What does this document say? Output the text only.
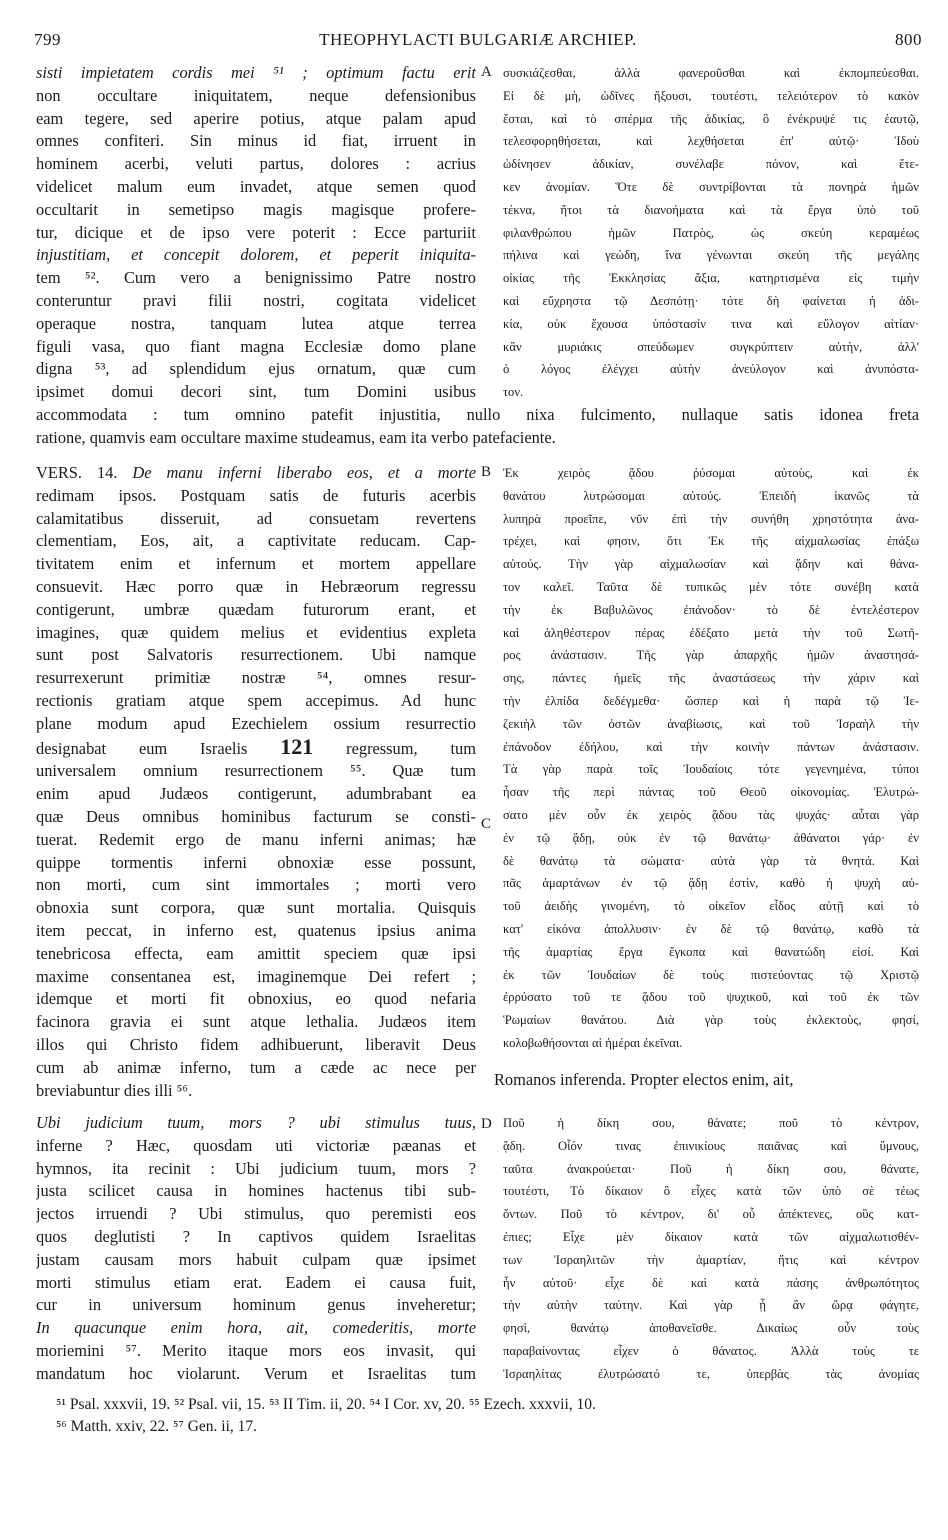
799	THEOPHYLACTI BULGARIÆ ARCHIEP.	800
A
B
C
D
sisti impietatem cordis mei ⁵¹ ; optimum factu erit
non occultare iniquitatem, neque defensionibus
eam tegere, sed aperire potius, atque palam apud
omnes confiteri. Sin minus id fiat, irruent in
hominem acerbi, veluti partus, dolores : acrius
videlicet malum eum invadet, atque semen quod
occultarit in semetipso magis magisque profere-
tur, dicique et de ipso vere poterit : Ecce parturiit
injustitiam, et concepit dolorem, et peperit iniquita-
tem ⁵². Cum vero a benignissimo Patre nostro
conteruntur pravi filii nostri, cogitata videlicet
operaque nostra, tanquam lutea atque terrea
figuli vasa, quo fiant magna Ecclesiæ domo plane
digna ⁵³, ad splendidum ejus ornatum, quæ cum
ipsimet domui decori sint, tum Domini usibus
συσκιάζεσθαι, ἀλλὰ φανεροῦσθαι καὶ ἐκπομπεύεσθαι.
Εἰ δὲ μὴ, ὠδῖνες ἥξουσι, τουτέστι, τελειότερον τὸ κακὸν
ἔσται, καὶ τὸ σπέρμα τῆς ἀδικίας, ὃ ἐνέκρυψέ τις ἑαυτῷ,
τελεσφορηθήσεται, καὶ λεχθήσεται ἐπ' αὐτῷ· Ἰδοὺ
ὠδίνησεν ἀδικίαν, συνέλαβε πόνον, καὶ ἔτε-
κεν ἀνομίαν. Ὅτε δὲ συντρίβονται τὰ πονηρὰ ἡμῶν
τέκνα, ἤτοι τὰ διανοήματα καὶ τὰ ἔργα ὑπὸ τοῦ
φιλανθρώπου ἡμῶν Πατρὸς, ὡς σκεύη κεραμέως
πήλινα καὶ γεώδη, ἵνα γένωνται σκεύη τῆς μεγάλης
οἰκίας τῆς Ἐκκλησίας ἄξια, κατηρτισμένα εἰς τιμὴν
καὶ εὔχρηστα τῷ Δεσπότῃ· τότε δὴ φαίνεται ἡ ἀδι-
κία, οὐκ ἔχουσα ὑπόστασίν τινα καὶ εὔλογον αἰτίαν·
κἂν μυριάκις σπεύδωμεν συγκρύπτειν αὐτὴν, ἀλλ'
ὁ λόγος ἐλέγχει αὐτὴν ἀνεύλογον καὶ ἀνυπόστα-
τον.
accommodata : tum omnino patefit injustitia, nullo nixa fulcimento, nullaque satis idonea freta
ratione, quamvis eam occultare maxime studeamus, eam ita verbo patefaciente.
VERS. 14. De manu inferni liberabo eos, et a morte
redimam ipsos. Postquam satis de futuris acerbis
calamitatibus disseruit, ad consuetam revertens
clementiam, Eos, ait, a captivitate reducam. Cap-
tivitatem enim et infernum et mortem appellare
consuevit. Hæc porro quæ in Hebræorum regressu
contigerunt, umbræ quædam futurorum erant, et
imagines, quæ quidem melius et evidentius expleta
sunt post Salvatoris resurrectionem. Ubi namque
resurrexerunt primitiæ nostræ ⁵⁴, omnes resur-
rectionis gratiam atque spem accepimus. Ad hunc
plane modum apud Ezechielem ossium resurrectio
designabat eum Israelis 121 regressum, tum
universalem omnium resurrectionem ⁵⁵. Quæ tum
enim apud Judæos contigerunt, adumbrabant ea
quæ Deus omnibus hominibus facturum se consti-
tuerat. Redemit ergo de manu inferni animas; hæ
quippe tormentis inferni obnoxiæ esse possunt,
non morti, cum sint immortales ; morti vero
obnoxia sunt corpora, quæ sunt mortalia. Quisquis
item peccat, in inferno est, quatenus ipsius anima
tenebricosa effecta, eam amittit speciem quæ ipsi
maxime consentanea est, imaginemque Dei refert ;
idemque et morti fit obnoxius, eo quod nefaria
facinora gravia ei sunt atque lethalia. Judæos item
illos qui Christo fidem adhibuerunt, liberavit Deus
cum ab animæ inferno, tum a cæde ac nece per
breviabuntur dies illi ⁵⁶.
Ἐκ χειρὸς ᾅδου ῥύσομαι αὐτοὺς, καὶ ἐκ
θανάτου λυτρώσομαι αὐτούς. Ἐπειδὴ ἱκανῶς τὰ
λυπηρὰ προεῖπε, νῦν ἐπὶ τὴν συνήθη χρηστότητα ἀνα-
τρέχει, καὶ φησιν, ὅτι Ἐκ τῆς αἰχμαλωσίας ἐπάξω
αὐτούς. Τὴν γὰρ αἰχμαλωσίαν καὶ ᾅδην καὶ θάνα-
τον καλεῖ. Ταῦτα δὲ τυπικῶς μὲν τότε συνέβη κατὰ
τὴν ἐκ Βαβυλῶνος ἐπάνοδον· τὸ δὲ ἐντελέστερον
καὶ ἀληθέστερον πέρας ἐδέξατο μετὰ τὴν τοῦ Σωτῆ-
ρος ἀνάστασιν. Τῆς γὰρ ἀπαρχῆς ἡμῶν ἀναστησά-
σης, πάντες ἡμεῖς τῆς ἀναστάσεως τὴν χάριν καὶ
τὴν ἐλπίδα δεδέγμεθα· ὥσπερ καὶ ἡ παρὰ τῷ Ἰε-
ζεκιὴλ τῶν ὀστῶν ἀναβίωσις, καὶ τοῦ Ἰσραὴλ τὴν
ἐπάνοδον ἐδήλου, καὶ τὴν κοινὴν πάντων ἀνάστασιν.
Τὰ γὰρ παρὰ τοῖς Ἰουδαίοις τότε γεγενημένα, τύποι
ἦσαν τῆς περὶ πάντας τοῦ Θεοῦ οἰκονομίας. Ἐλυτρώ-
σατο μὲν οὖν ἐκ χειρὸς ᾅδου τὰς ψυχάς· αὗται γὰρ
ἐν τῷ ᾅδῃ, οὐκ ἐν τῷ θανάτῳ· ἀθάνατοι γάρ· ἐν
δὲ θανάτῳ τὰ σώματα· αὐτὰ γὰρ τὰ θνητά. Καὶ
πᾶς ἁμαρτάνων ἐν τῷ ᾅδῃ ἐστὶν, καθὸ ἡ ψυχὴ αὐ-
τοῦ ἀειδὴς γινομένη, τὸ οἰκεῖον εἶδος αὐτῇ καὶ τὸ
κατ' εἰκόνα ἀπολλυσιν· ἐν δὲ τῷ θανάτῳ, καθὸ τὰ
τῆς ἁμαρτίας ἔργα ἔγκοπα καὶ θανατώδη εἰσί. Καὶ
ἐκ τῶν Ἰουδαίων δὲ τοὺς πιστεύοντας τῷ Χριστῷ
ἐρρύσατο τοῦ τε ᾅδου τοῦ ψυχικοῦ, καὶ τοῦ ἐκ τῶν
Ῥωμαίων θανάτου. Διὰ γὰρ τοὺς ἐκλεκτοὺς, φησί,
κολοβωθήσονται αἱ ἡμέραι ἐκεῖναι.
Romanos inferenda. Propter electos enim, ait,
Ubi judicium tuum, mors ? ubi stimulus tuus,
inferne ? Hæc, quosdam uti victoriæ pæanas et
hymnos, ita recinit : Ubi judicium tuum, mors ?
justa scilicet causa in homines hactenus tibi sub-
jectos irruendi ? Ubi stimulus, quo peremisti eos
quos deglutisti ? In captivos quidem Israelitas
justam causam mors habuit culpam quæ ipsimet
morti stimulus etiam erat. Eadem ei causa fuit,
cur in universum hominum genus inveheretur;
In quacunque enim hora, ait, comederitis, morte
moriemini ⁵⁷. Merito itaque mors eos invasit, qui
mandatum hoc violarunt. Verum et Israelitas tum
Ποῦ ἡ δίκη σου, θάνατε; ποῦ τὸ κέντρον,
ᾅδη. Οἷόν τινας ἐπινικίους παιᾶνας καὶ ὕμνους,
ταῦτα ἀνακρούεται· Ποῦ ἡ δίκη σου, θάνατε,
τουτέστι, Τὸ δίκαιον ὃ εἶχες κατὰ τῶν ὑπὸ σὲ τέως
ὄντων. Ποῦ τὸ κέντρον, δι' οὗ ἀπέκτενες, οὓς κατ-
έπιες; Εἶχε μὲν δίκαιον κατὰ τῶν αἰχμαλωτισθέν-
των Ἰσραηλιτῶν τὴν ἁμαρτίαν, ἥτις καὶ κέντρον
ἦν αὐτοῦ· εἶχε δὲ καὶ κατὰ πάσης ἀνθρωπότητος
τὴν αὐτὴν ταύτην. Καὶ γὰρ ᾗ ἂν ὥρᾳ φάγητε,
φησὶ, θανάτῳ ἀποθανεῖσθε. Δικαίως οὖν τοὺς
παραβαίνοντας εἶχεν ὁ θάνατος. Ἀλλὰ τοὺς τε
Ἰσραηλίτας ἐλυτρώσατό τε, ὑπερβὰς τὰς ἀνομίας
⁵¹ Psal. xxxvii, 19. ⁵² Psal. vii, 15. ⁵³ II Tim. ii, 20. ⁵⁴ I Cor. xv, 20. ⁵⁵ Ezech. xxxvii, 10.
⁵⁶ Matth. xxiv, 22. ⁵⁷ Gen. ii, 17.
